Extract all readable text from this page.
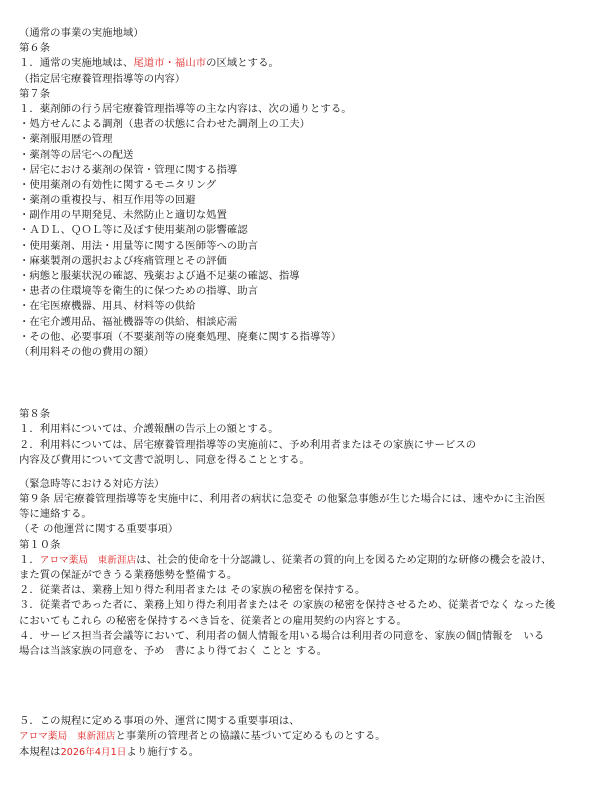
（通常の事業の実施地域）
第６条
１．通常の実施地域は、尾道市・福山市の区域とする。
（指定居宅療養管理指導等の内容）
第７条
１．薬剤師の行う居宅療養管理指導等の主な内容は、次の通りとする。
・処方せんによる調剤（患者の状態に合わせた調剤上の工夫）
・薬剤服用歴の管理
・薬剤等の居宅への配送
・居宅における薬剤の保管・管理に関する指導
・使用薬剤の有効性に関するモニタリング
・薬剤の重複投与、相互作用等の回避
・副作用の早期発見、未然防止と適切な処置
・ＡＤＬ、ＱＯＬ等に及ぼす使用薬剤の影響確認
・使用薬剤、用法・用量等に関する医師等への助言
・麻薬製剤の選択および疼痛管理とその評価
・病態と服薬状況の確認、残薬および過不足薬の確認、指導
・患者の住環境等を衛生的に保つための指導、助言
・在宅医療機器、用具、材料等の供給
・在宅介護用品、福祉機器等の供給、相談応需
・その他、必要事項（不要薬剤等の廃棄処理、廃棄に関する指導等）
（利用料その他の費用の額）
第８条
１．利用料については、介護報酬の告示上の額とする。
２．利用料については、居宅療養管理指導等の実施前に、予め利用者またはその家族にサービスの
内容及び費用について文書で説明し、同意を得ることとする。
（緊急時等における対応方法）
第９条 居宅療養管理指導等を実施中に、利用者の病状に急変そ の他緊急事態が生じた場合には、速やかに主治医
等に連絡する。
（そ の他運営に関する重要事項）
第１０条
１．アロマ薬局　東新涯店は、社会的使命を十分認識し、従業者の質的向上を図るため定期的な研修の機会を設け、
また質の保証ができうる業務態勢を整備する。
２．従業者は、業務上知り得た利用者または その家族の秘密を保持する。
３．従業者であった者に、業務上知り得た利用者またはそ の家族の秘密を保持させるため、従業者でなく なった後
においてもこれら の秘密を保持するべき旨を、従業者との雇用契約の内容とする。
４．サービス担当者会議等において、利用者の個人情報を用いる場合は利用者の同意を、家族の個▯情報を　いる
場合は当該家族の同意を、予め　書により得ておく ことと する。
５．この規程に定める事項の外、運営に関する重要事項は、
アロマ薬局　東新涯店と事業所の管理者との協議に基づいて定めるものとする。
本規程は2026年4月1日より施行する。
